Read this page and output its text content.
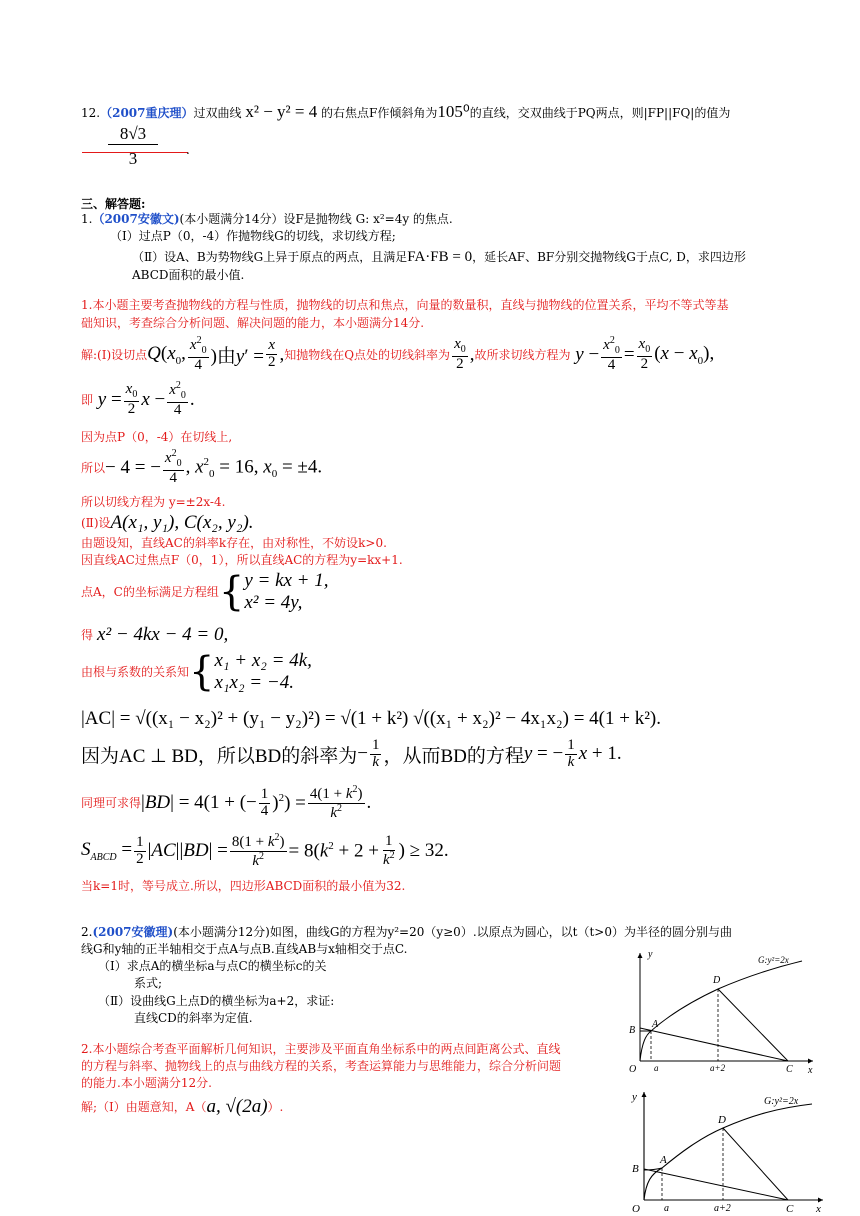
12.（2007重庆理）过双曲线 x² − y² = 4 的右焦点F作倾斜角为105⁰的直线，交双曲线于PQ两点，则|FP||FQ|的值为
$\frac{8√3}{3}$
.
三、解答题:
1.（2007安徽文)(本小题满分14分）设F是抛物线 G: x²=4y 的焦点.
（Ⅰ）过点P（0，-4）作抛物线G的切线，求切线方程;
（Ⅱ）设A、B为势物线G上异于原点的两点，且满足FA·FB = 0，延长AF、BF分别交抛物线G于点C, D，求四边形
ABCD面积的最小值.
1.本小题主要考查抛物线的方程与性质，抛物线的切点和焦点，向量的数量积，直线与抛物线的位置关系，平均不等式等基
础知识，考查综合分析问题、解决问题的能力，本小题满分14分.
解:(Ⅰ)设切点 $Q(x_0$, $\frac{x^2_0}{4}$ )由$y' = \frac{x}{2}$ , 知抛物线在Q点处的切线斜率为 $\frac{x_0}{2}$ , 故所求切线方程为 $y - \frac{x^2_0}{4} = \frac{x_0}{2} (x - x_0)$,
即 $y = \frac{x_0}{2}$ $x - \frac{x^2_0}{4}$ .
因为点P（0，-4）在切线上,
所以 − 4 = − $\frac{x^2_0}{4}$ , $x^2_0 = 16$, $x_0 = \pm 4$.
所以切线方程为 y=±2x-4.
(Ⅱ)设 A(x₁, y₁), C(x₂, y₂).
由题设知，直线AC的斜率k存在，由对称性，不妨设k>0.
因直线AC过焦点F（0，1），所以直线AC的方程为y=kx+1.
点A，C的坐标满足方程组 { y = kx + 1,
x² = 4y,
得 x² − 4kx − 4 = 0,
由根与系数的关系知 { x₁ + x₂ = 4k,
x₁x₂ = −4.
|AC| = √((x₁ − x₂)² + (y₁ − y₂)²) = √(1 + k²) √((x₁ + x₂)² − 4x₁x₂) = 4(1 + k²).
因为AC ⊥ BD，所以BD的斜率为 − $\frac{1}{k}$ ，从而BD的方程 y = − $\frac{1}{k}$ x + 1.
同理可求得 |BD| = 4(1 + (− $\frac{1}{4} )^2) = \frac{4(1 + k^2)}{k^2}$ .
$S_{ABCD} = \frac{1}{2} |AC||BD| = \frac{8(1 + k^2)}{k^2} = 8(k^2 + 2 + \frac{1}{k^2}$ ) ≥ 32.
当k=1时，等号成立.所以，四边形ABCD面积的最小值为32.
2.(2007安徽理)(本小题满分12分)如图，曲线G的方程为y²=20（y≥0）.以原点为圆心，以t（t>0）为半径的圆分别与曲
线G和y轴的正半轴相交于点A与点B.直线AB与x轴相交于点C.
（Ⅰ）求点A的横坐标a与点C的横坐标c的关
系式;
（Ⅱ）设曲线G上点D的横坐标为a+2，求证:
直线CD的斜率为定值.
2.本小题综合考查平面解析几何知识，主要涉及平面直角坐标系中的两点间距离公式、直线
的方程与斜率、抛物线上的点与曲线方程的关系，考查运算能力与思维能力，综合分析问题
的能力.本小题满分12分.
解;（Ⅰ）由题意知，A（ a, √(2a) ）.
y
x
O a	a+2
B
A
D
C
G:y²=2x
y
x
O a	a+2
B
A
D
C
G:y²=2x
